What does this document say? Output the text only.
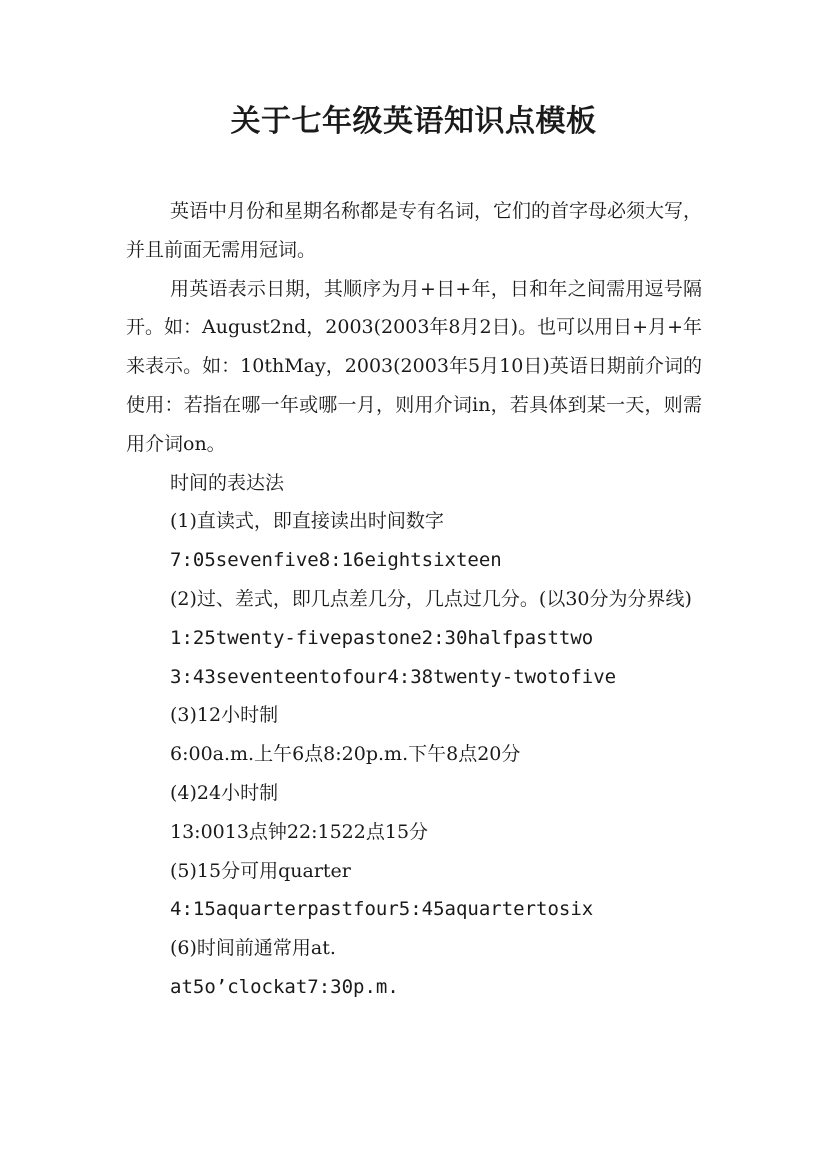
关于七年级英语知识点模板

英语中月份和星期名称都是专有名词，它们的首字母必须大写，并且前面无需用冠词。

用英语表示日期，其顺序为月+日+年，日和年之间需用逗号隔开。如：August2nd，2003(2003年8月2日)。也可以用日+月+年来表示。如：10thMay，2003(2003年5月10日)英语日期前介词的使用：若指在哪一年或哪一月，则用介词in，若具体到某一天，则需用介词on。

时间的表达法

(1)直读式，即直接读出时间数字

7:05sevenfive8:16eightsixteen

(2)过、差式，即几点差几分，几点过几分。(以30分为分界线)

1:25twenty-fivepastone2:30halfpasttwo

3:43seventeentofour4:38twenty-twotofive

(3)12小时制

6:00a.m.上午6点8:20p.m.下午8点20分

(4)24小时制

13:0013点钟22:1522点15分

(5)15分可用quarter

4:15aquarterpastfour5:45aquartertosix

(6)时间前通常用at.

at5o’clockat7:30p.m.
